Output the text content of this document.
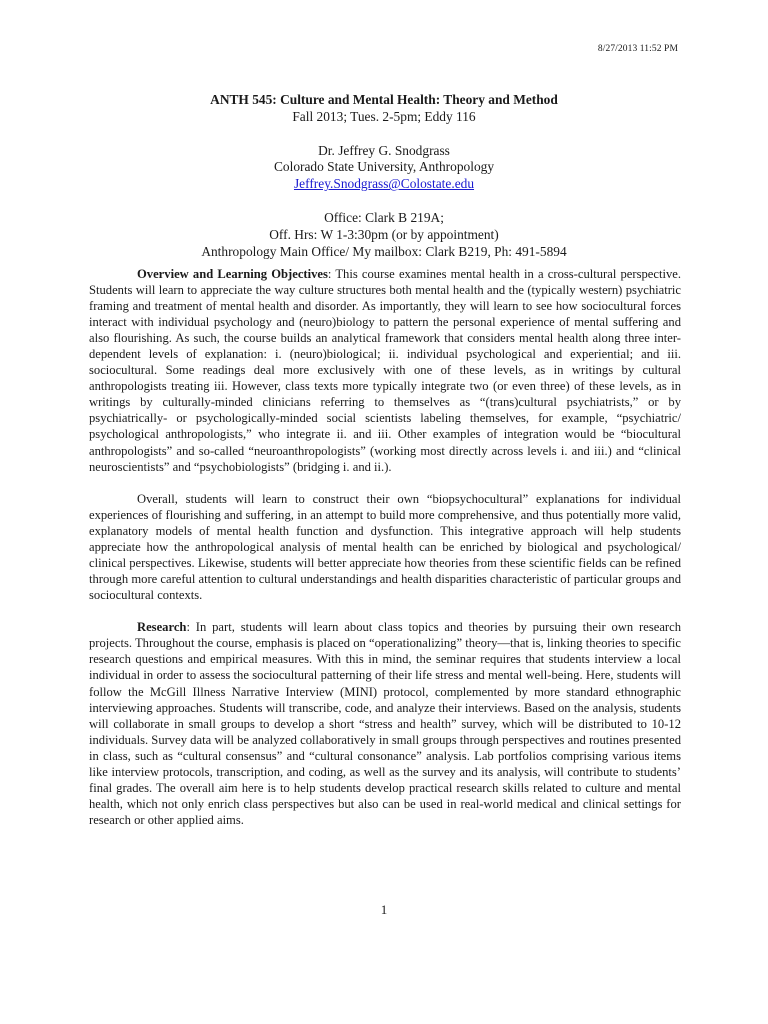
8/27/2013 11:52 PM
ANTH 545: Culture and Mental Health: Theory and Method
Fall 2013; Tues. 2-5pm; Eddy 116
Dr. Jeffrey G. Snodgrass
Colorado State University, Anthropology
Jeffrey.Snodgrass@Colostate.edu
Office: Clark B 219A;
Off. Hrs: W 1-3:30pm (or by appointment)
Anthropology Main Office/ My mailbox: Clark B219, Ph: 491-5894

Overview and Learning Objectives: This course examines mental health in a cross-cultural perspective. Students will learn to appreciate the way culture structures both mental health and the (typically western) psychiatric framing and treatment of mental health and disorder. As importantly, they will learn to see how sociocultural forces interact with individual psychology and (neuro)biology to pattern the personal experience of mental suffering and also flourishing. As such, the course builds an analytical framework that considers mental health along three inter-dependent levels of explanation: i. (neuro)biological; ii. individual psychological and experiential; and iii. sociocultural. Some readings deal more exclusively with one of these levels, as in writings by cultural anthropologists treating iii. However, class texts more typically integrate two (or even three) of these levels, as in writings by culturally-minded clinicians referring to themselves as “(trans)cultural psychiatrists,” or by psychiatrically- or psychologically-minded social scientists labeling themselves, for example, “psychiatric/ psychological anthropologists,” who integrate ii. and iii. Other examples of integration would be “biocultural anthropologists” and so-called “neuroanthropologists” (working most directly across levels i. and iii.) and “clinical neuroscientists” and “psychobiologists” (bridging i. and ii.).

Overall, students will learn to construct their own “biopsychocultural” explanations for individual experiences of flourishing and suffering, in an attempt to build more comprehensive, and thus potentially more valid, explanatory models of mental health function and dysfunction. This integrative approach will help students appreciate how the anthropological analysis of mental health can be enriched by biological and psychological/ clinical perspectives. Likewise, students will better appreciate how theories from these scientific fields can be refined through more careful attention to cultural understandings and health disparities characteristic of particular groups and sociocultural contexts.

Research: In part, students will learn about class topics and theories by pursuing their own research projects. Throughout the course, emphasis is placed on “operationalizing” theory—that is, linking theories to specific research questions and empirical measures. With this in mind, the seminar requires that students interview a local individual in order to assess the sociocultural patterning of their life stress and mental well-being. Here, students will follow the McGill Illness Narrative Interview (MINI) protocol, complemented by more standard ethnographic interviewing approaches. Students will transcribe, code, and analyze their interviews. Based on the analysis, students will collaborate in small groups to develop a short “stress and health” survey, which will be distributed to 10-12 individuals. Survey data will be analyzed collaboratively in small groups through perspectives and routines presented in class, such as “cultural consensus” and “cultural consonance” analysis. Lab portfolios comprising various items like interview protocols, transcription, and coding, as well as the survey and its analysis, will contribute to students’ final grades. The overall aim here is to help students develop practical research skills related to culture and mental health, which not only enrich class perspectives but also can be used in real-world medical and clinical settings for research or other applied aims.

1
